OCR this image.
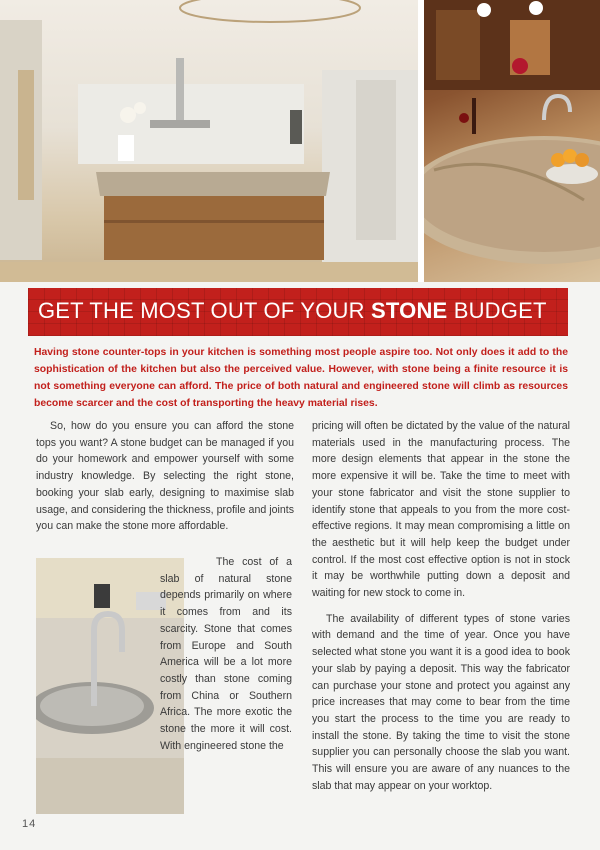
GET THE MOST OUT OF YOUR STONE BUDGET

Having stone counter-tops in your kitchen is something most people aspire too. Not only does it add to the sophistication of the kitchen but also the perceived value. However, with stone being a finite resource it is not something everyone can afford. The price of both natural and engineered stone will climb as resources become scarcer and the cost of transporting the heavy material rises.

So, how do you ensure you can afford the stone tops you want? A stone budget can be managed if you do your homework and empower yourself with some industry knowledge. By selecting the right stone, booking your slab early, designing to maximise slab usage, and considering the thickness, profile and joints you can make the stone more affordable.

The cost of a slab of natural stone depends primarily on where it comes from and its scarcity. Stone that comes from Europe and South America will be a lot more costly than stone coming from China or Southern Africa. The more exotic the stone the more it will cost. With engineered stone the

pricing will often be dictated by the value of the natural materials used in the manufacturing process. The more design elements that appear in the stone the more expensive it will be. Take the time to meet with your stone fabricator and visit the stone supplier to identify stone that appeals to you from the more cost-effective regions. It may mean compromising a little on the aesthetic but it will help keep the budget under control. If the most cost effective option is not in stock it may be worthwhile putting down a deposit and waiting for new stock to come in.

The availability of different types of stone varies with demand and the time of year. Once you have selected what stone you want it is a good idea to book your slab by paying a deposit. This way the fabricator can purchase your stone and protect you against any price increases that may come to bear from the time you start the process to the time you are ready to install the stone. By taking the time to visit the stone supplier you can personally choose the slab you want. This will ensure you are aware of any nuances to the slab that may appear on your worktop.

14
